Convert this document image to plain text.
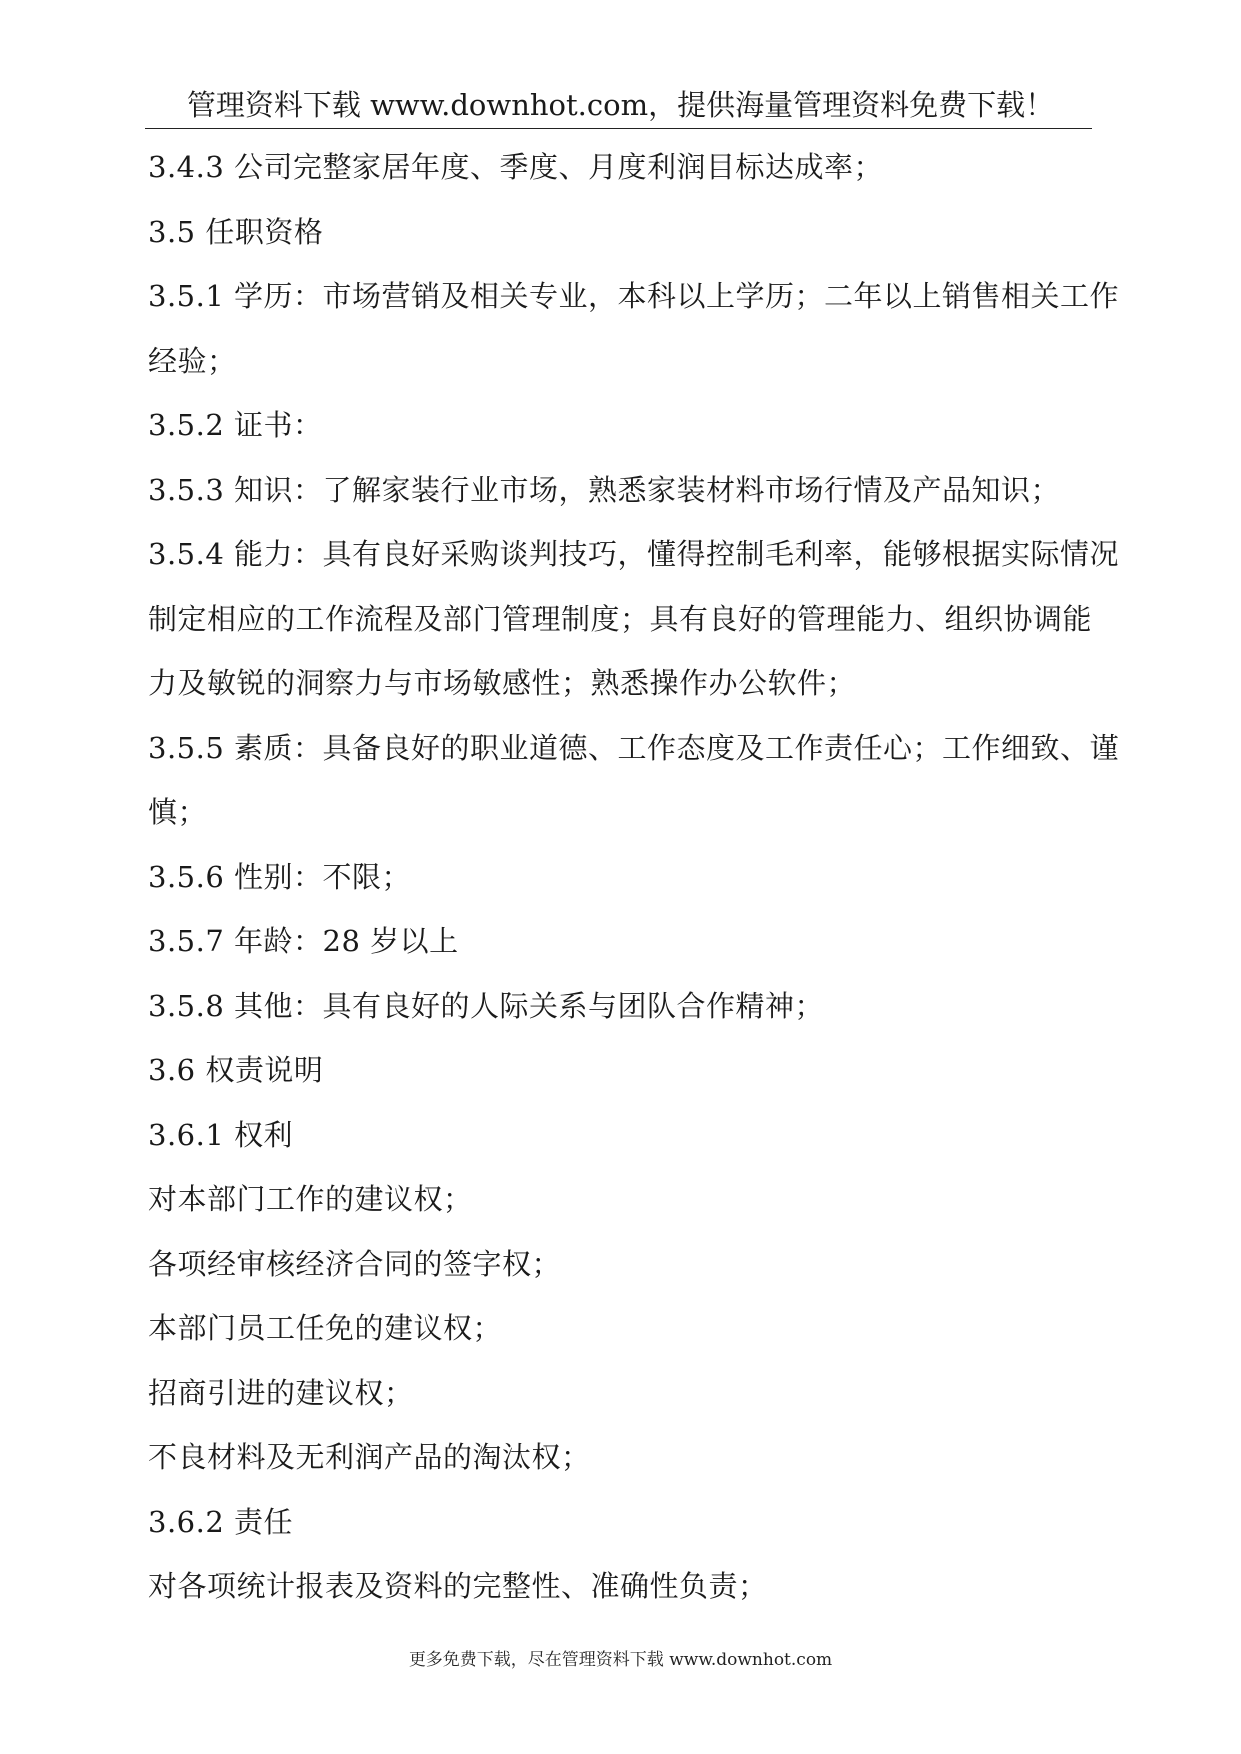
管理资料下载 www.downhot.com，提供海量管理资料免费下载！
3.4.3 公司完整家居年度、季度、月度利润目标达成率；
3.5 任职资格
3.5.1 学历：市场营销及相关专业，本科以上学历；二年以上销售相关工作
经验；
3.5.2 证书：
3.5.3 知识：了解家装行业市场，熟悉家装材料市场行情及产品知识；
3.5.4 能力：具有良好采购谈判技巧，懂得控制毛利率，能够根据实际情况
制定相应的工作流程及部门管理制度；具有良好的管理能力、组织协调能
力及敏锐的洞察力与市场敏感性；熟悉操作办公软件；
3.5.5 素质：具备良好的职业道德、工作态度及工作责任心；工作细致、谨
慎；
3.5.6 性别：不限；
3.5.7 年龄：28 岁以上
3.5.8 其他：具有良好的人际关系与团队合作精神；
3.6 权责说明
3.6.1 权利
对本部门工作的建议权；
各项经审核经济合同的签字权；
本部门员工任免的建议权；
招商引进的建议权；
不良材料及无利润产品的淘汰权；
3.6.2 责任
对各项统计报表及资料的完整性、准确性负责；
更多免费下载，尽在管理资料下载 www.downhot.com
